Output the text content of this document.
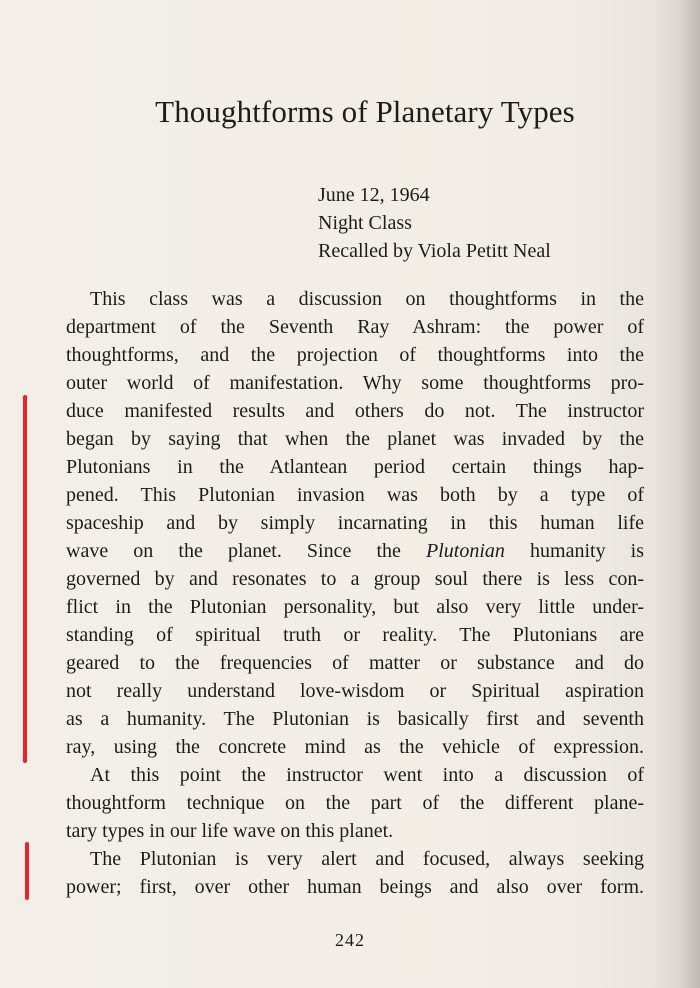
Thoughtforms of Planetary Types
June 12, 1964
Night Class
Recalled by Viola Petitt Neal
This class was a discussion on thoughtforms in the
department of the Seventh Ray Ashram: the power of
thoughtforms, and the projection of thoughtforms into the
outer world of manifestation. Why some thoughtforms pro-
duce manifested results and others do not. The instructor
began by saying that when the planet was invaded by the
Plutonians in the Atlantean period certain things hap-
pened. This Plutonian invasion was both by a type of
spaceship and by simply incarnating in this human life
wave on the planet. Since the Plutonian humanity is
governed by and resonates to a group soul there is less con-
flict in the Plutonian personality, but also very little under-
standing of spiritual truth or reality. The Plutonians are
geared to the frequencies of matter or substance and do
not really understand love-wisdom or Spiritual aspiration
as a humanity. The Plutonian is basically first and seventh
ray, using the concrete mind as the vehicle of expression.
At this point the instructor went into a discussion of
thoughtform technique on the part of the different plane-
tary types in our life wave on this planet.
The Plutonian is very alert and focused, always seeking
power; first, over other human beings and also over form.
242
